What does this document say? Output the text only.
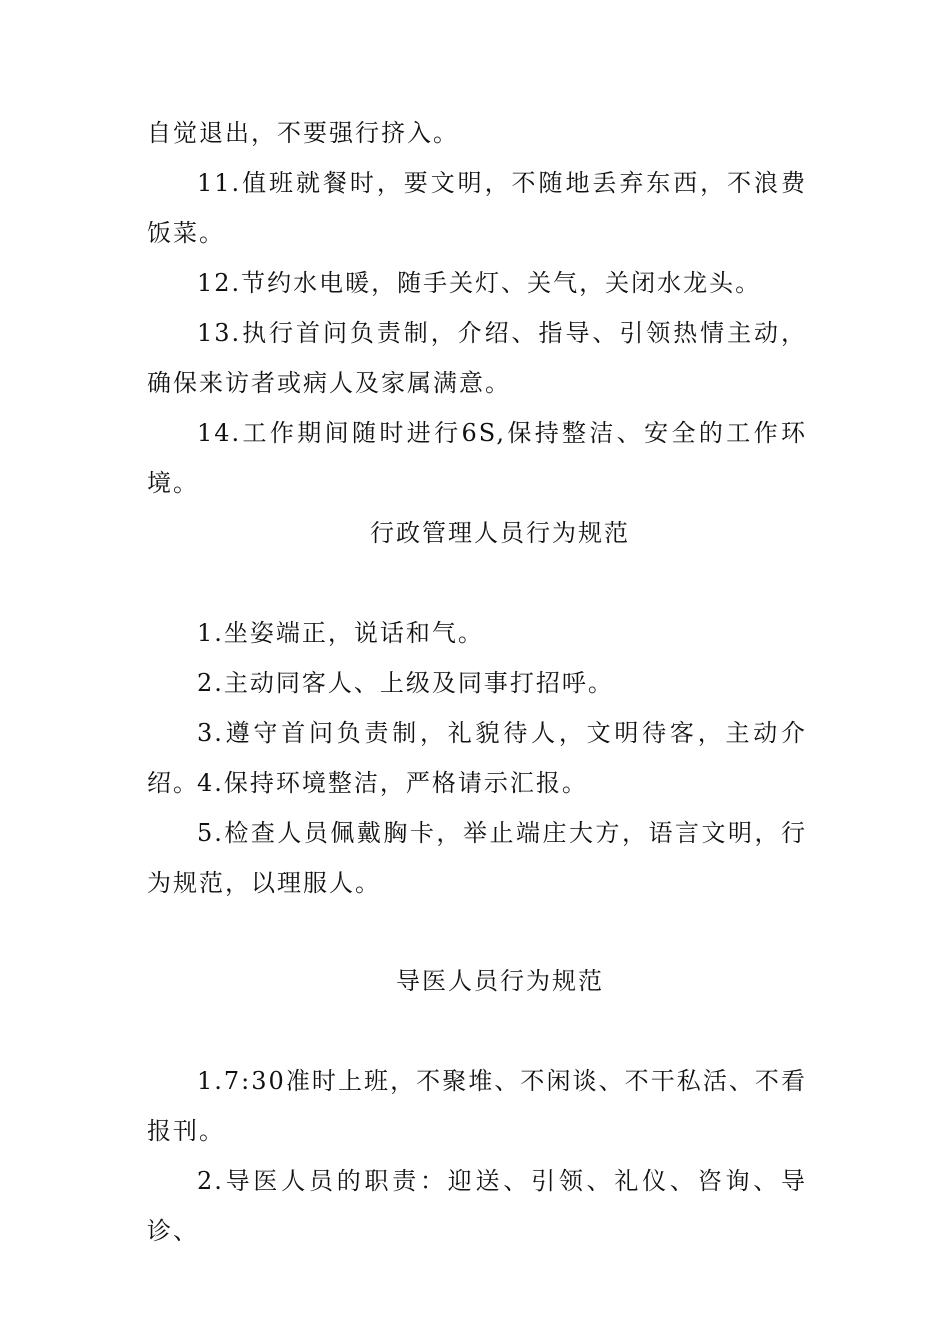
自觉退出，不要强行挤入。

11.值班就餐时，要文明，不随地丢弃东西，不浪费饭菜。

12.节约水电暖，随手关灯、关气，关闭水龙头。

13.执行首问负责制，介绍、指导、引领热情主动，确保来访者或病人及家属满意。

14.工作期间随时进行6S,保持整洁、安全的工作环境。

行政管理人员行为规范

1.坐姿端正，说话和气。

2.主动同客人、上级及同事打招呼。

3.遵守首问负责制，礼貌待人，文明待客，主动介绍。

4.保持环境整洁，严格请示汇报。

5.检查人员佩戴胸卡，举止端庄大方，语言文明，行为规范，以理服人。

导医人员行为规范

1.7:30准时上班，不聚堆、不闲谈、不干私活、不看报刊。

2.导医人员的职责：迎送、引领、礼仪、咨询、导诊、
